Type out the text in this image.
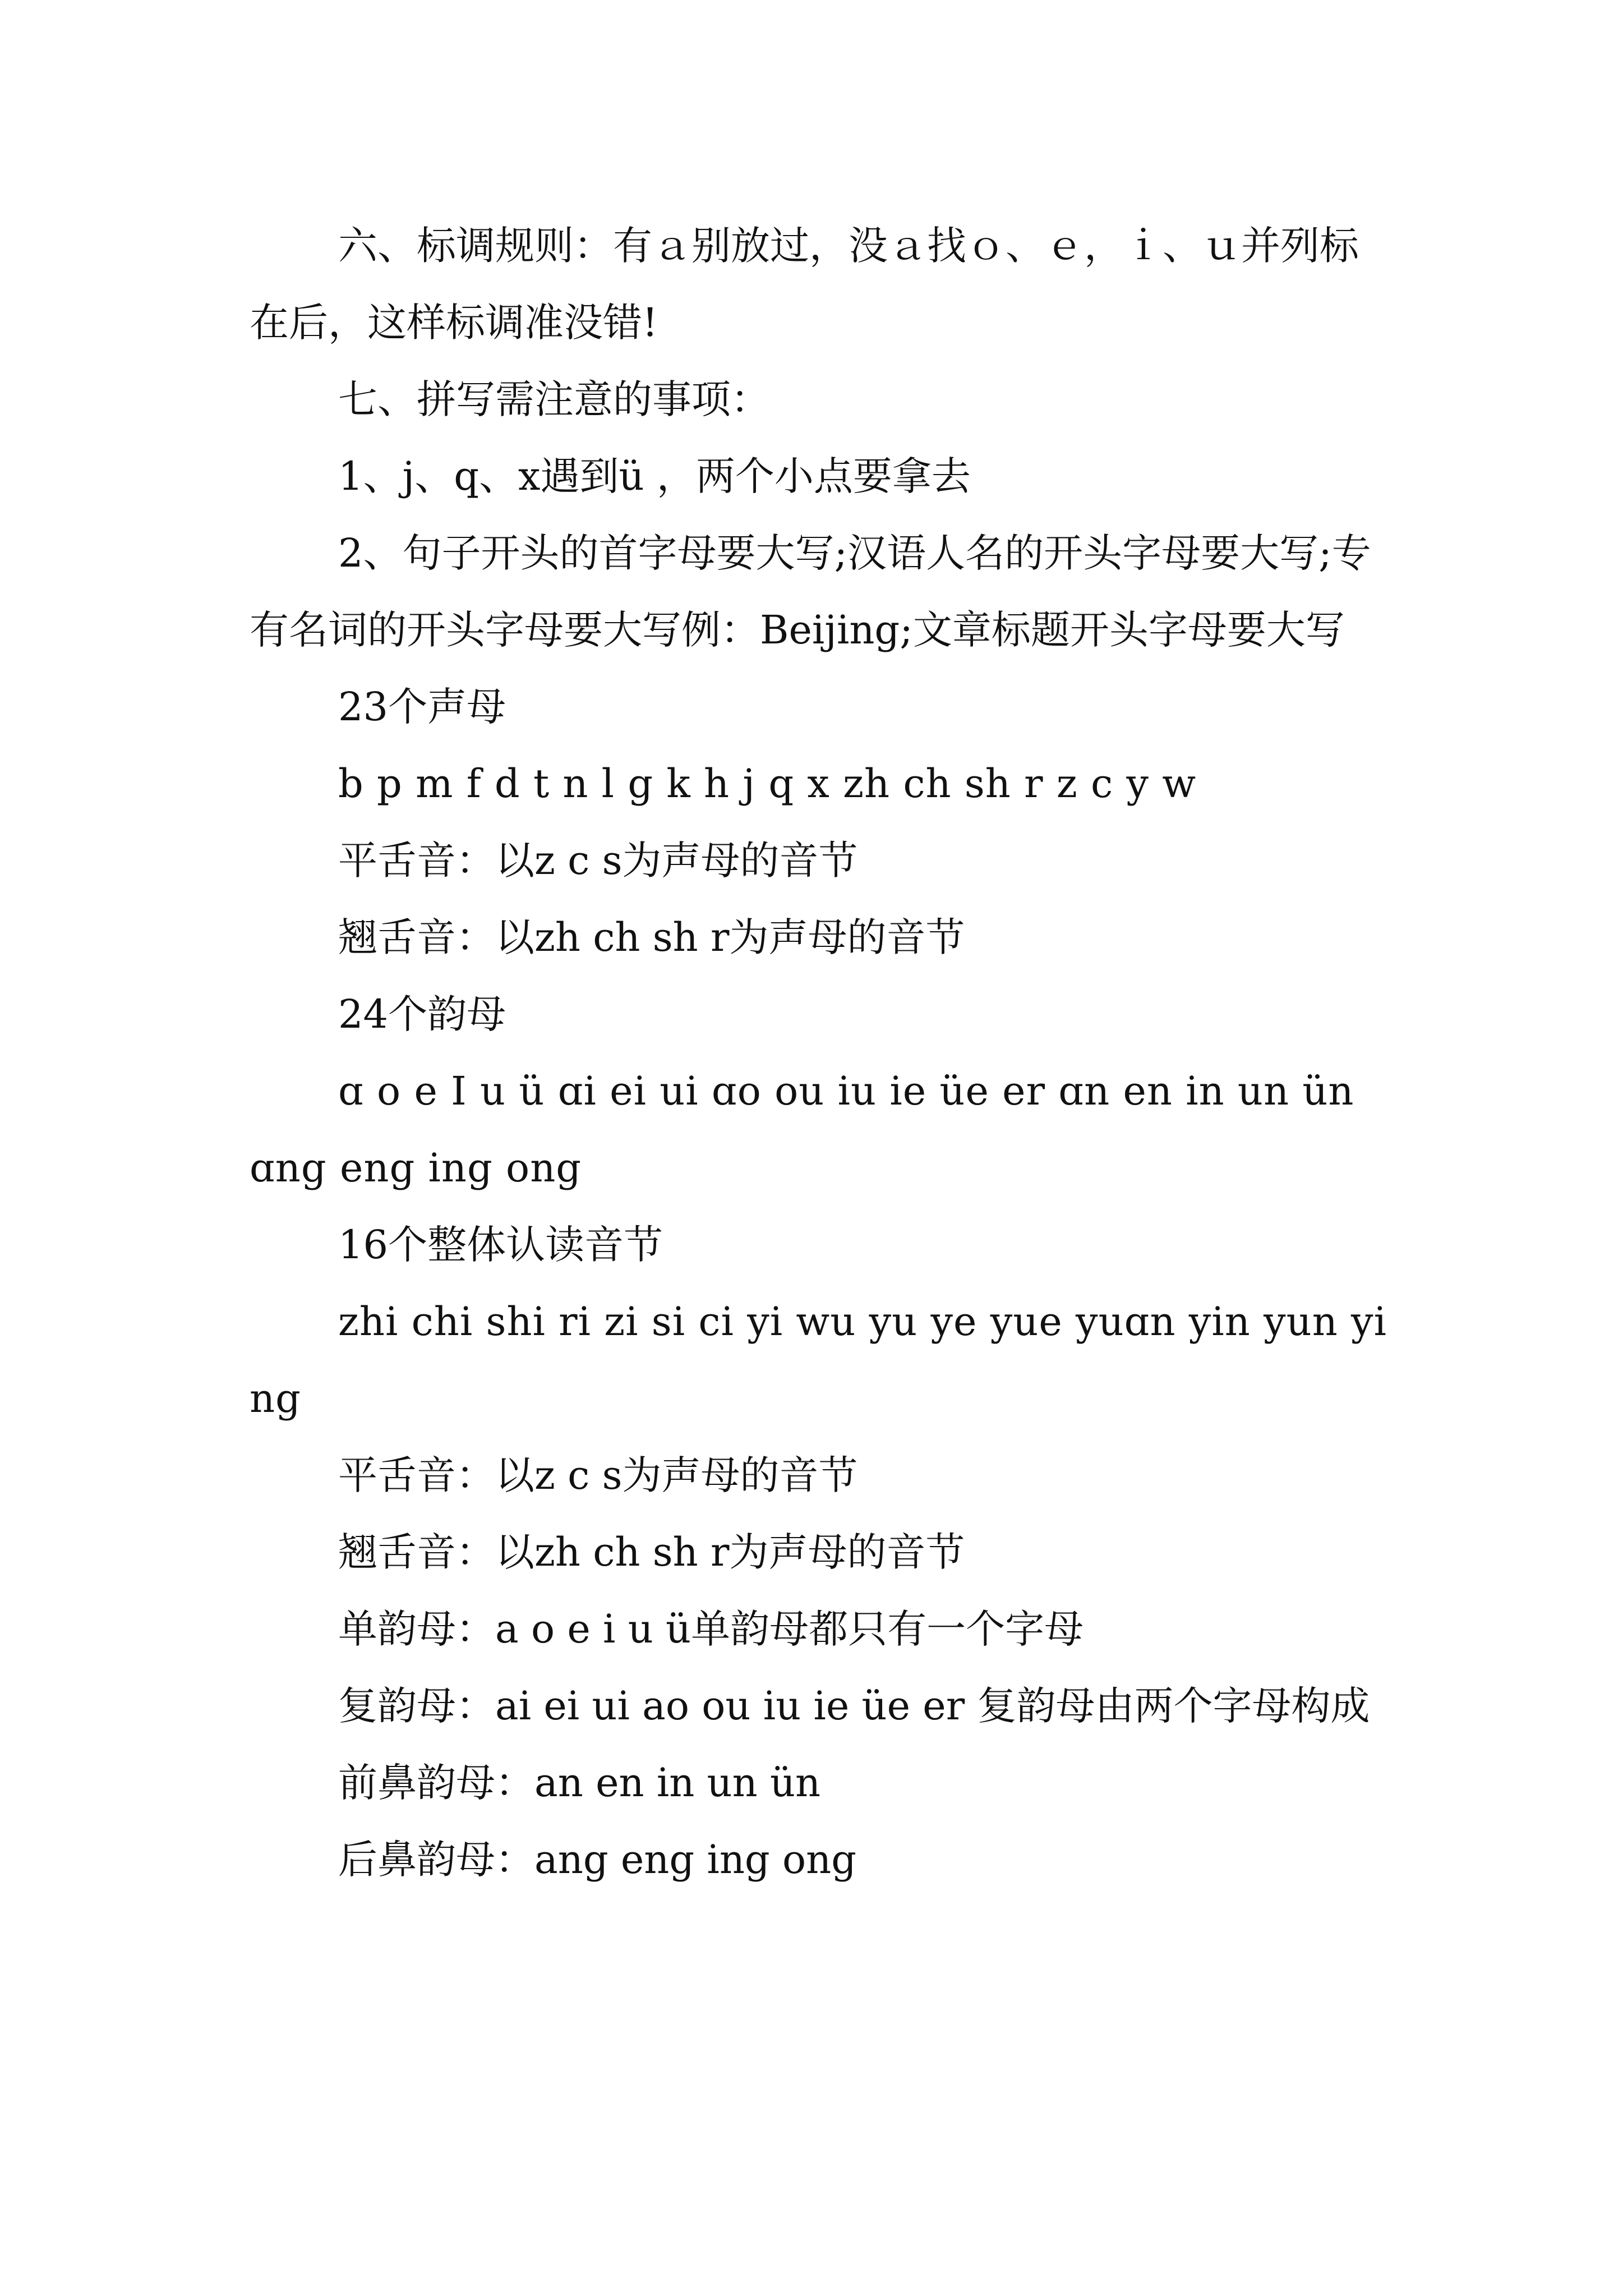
六、标调规则：有ａ别放过，没ａ找ｏ、ｅ，ｉ、ｕ并列标在后，这样标调准没错!

七、拼写需注意的事项：

1、j、q、x遇到ü ，两个小点要拿去

2、句子开头的首字母要大写;汉语人名的开头字母要大写;专有名词的开头字母要大写例：Beijing;文章标题开头字母要大写

23个声母

b p m f d t n l g k h j q x zh ch sh r z c y w

平舌音：以z c s为声母的音节

翘舌音：以zh ch sh r为声母的音节

24个韵母

ɑ o e I u ü ɑi ei ui ɑo ou iu ie üe er ɑn en in un ün ɑng eng ing ong

16个整体认读音节

zhi chi shi ri zi si ci yi wu yu ye yue yuɑn yin yun ying

平舌音：以z c s为声母的音节

翘舌音：以zh ch sh r为声母的音节

单韵母：a o e i u ü单韵母都只有一个字母

复韵母：ai ei ui ao ou iu ie üe er 复韵母由两个字母构成

前鼻韵母：an en in un ün

后鼻韵母：ang eng ing ong
